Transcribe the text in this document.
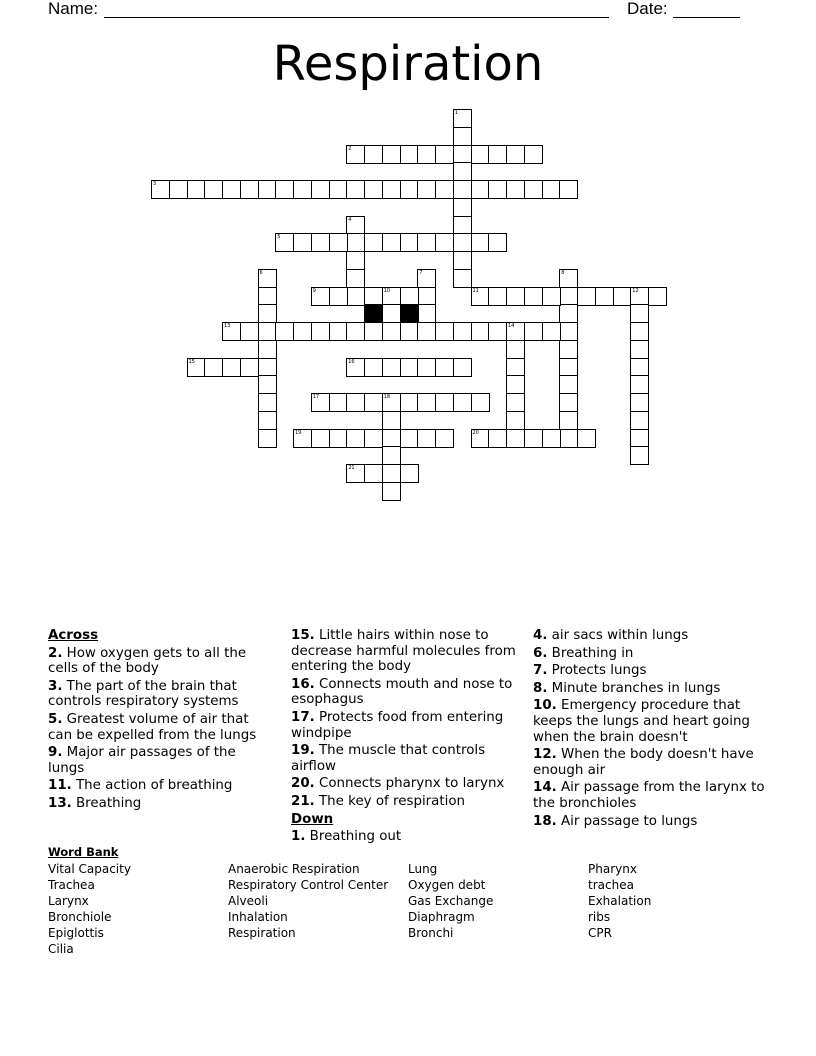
Name:	Date:
Respiration
1
2
3
4
5
6	7	8
9	10	11	12
13	14
15	16
17	18
19	20
21
Across
2. How oxygen gets to all the cells of the body
3. The part of the brain that controls respiratory systems
5. Greatest volume of air that can be expelled from the lungs
9. Major air passages of the lungs
11. The action of breathing
13. Breathing
15. Little hairs within nose to decrease harmful molecules from entering the body
16. Connects mouth and nose to esophagus
17. Protects food from entering windpipe
19. The muscle that controls airflow
20. Connects pharynx to larynx
21. The key of respiration
Down
1. Breathing out
4. air sacs within lungs
6. Breathing in
7. Protects lungs
8. Minute branches in lungs
10. Emergency procedure that keeps the lungs and heart going when the brain doesn't
12. When the body doesn't have enough air
14. Air passage from the larynx to the bronchioles
18. Air passage to lungs
Word Bank
Vital Capacity
Trachea
Larynx
Bronchiole
Epiglottis
Cilia
Anaerobic Respiration
Respiratory Control Center
Alveoli
Inhalation
Respiration
Lung
Oxygen debt
Gas Exchange
Diaphragm
Bronchi
Pharynx
trachea
Exhalation
ribs
CPR
